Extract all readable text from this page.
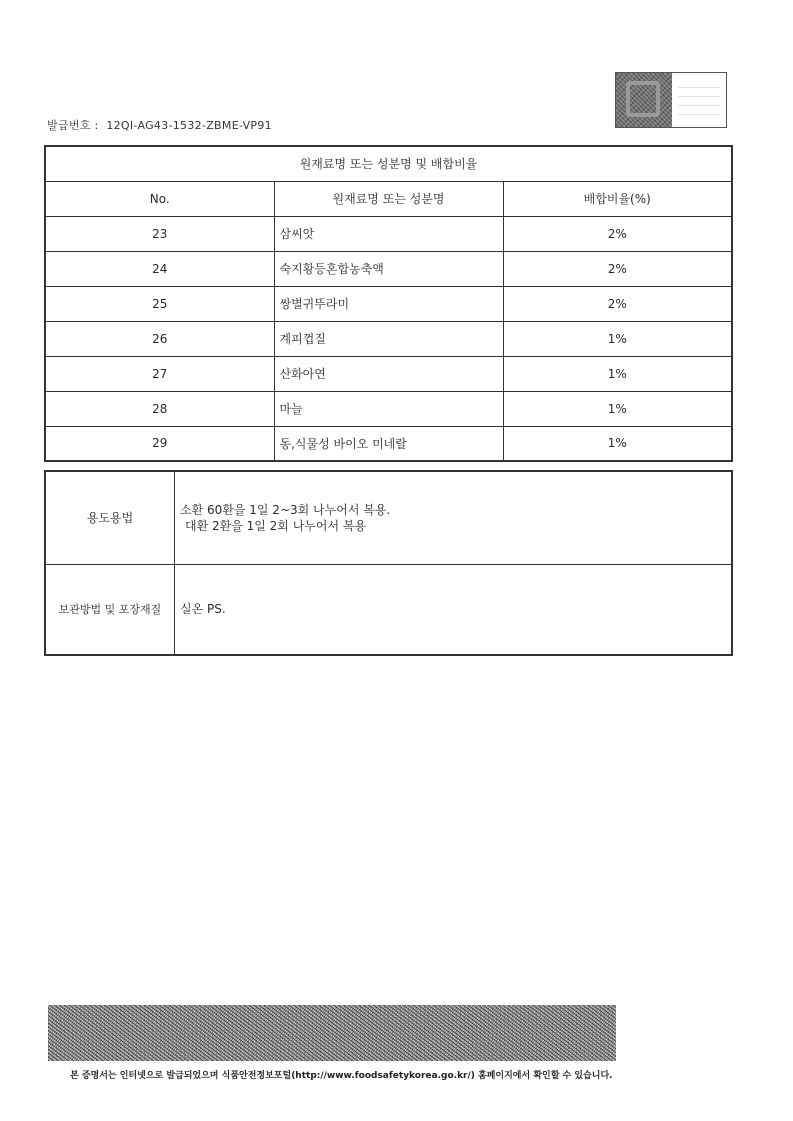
발급번호 : 12QI-AG43-1532-ZBME-VP91
원재료명 또는 성분명 및 배합비율		
No.	원재료명 또는 성분명	배합비율(%)
23	삼씨앗	2%
24	숙지황등혼합농축액	2%
25	쌍별귀뚜라미	2%
26	계피껍질	1%
27	산화아연	1%
28	마늘	1%
29	동,식물성 바이오 미네랄	1%
용도용법	소환 60환을 1일 2~3회 나누어서 복용.
대환 2환을 1일 2회 나누어서 복용

보관방법 및 포장재질	실온 PS.
본 증명서는 인터넷으로 발급되었으며 식품안전정보포털(http://www.foodsafetykorea.go.kr/) 홈페이지에서 확인할 수 있습니다.
